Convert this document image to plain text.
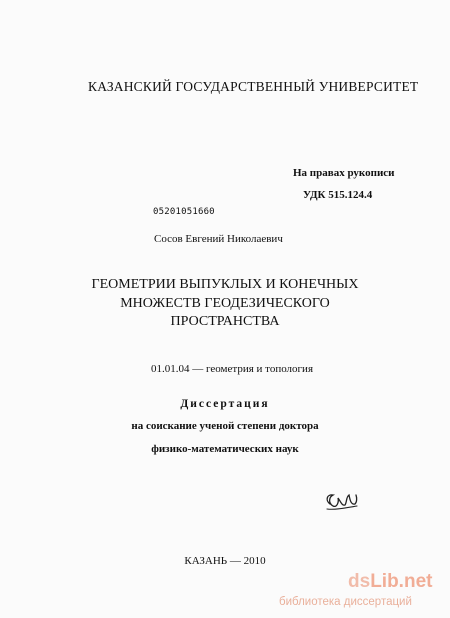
КАЗАНСКИЙ ГОСУДАРСТВЕННЫЙ УНИВЕРСИТЕТ
На правах рукописи
УДК 515.124.4
05201051660
Сосов Евгений Николаевич
ГЕОМЕТРИИ ВЫПУКЛЫХ И КОНЕЧНЫХ
МНОЖЕСТВ ГЕОДЕЗИЧЕСКОГО
ПРОСТРАНСТВА
01.01.04 — геометрия и топология
Диссертация
на соискание ученой степени доктора
физико-математических наук
КАЗАНЬ — 2010
dsLib.net
библиотека диссертаций
